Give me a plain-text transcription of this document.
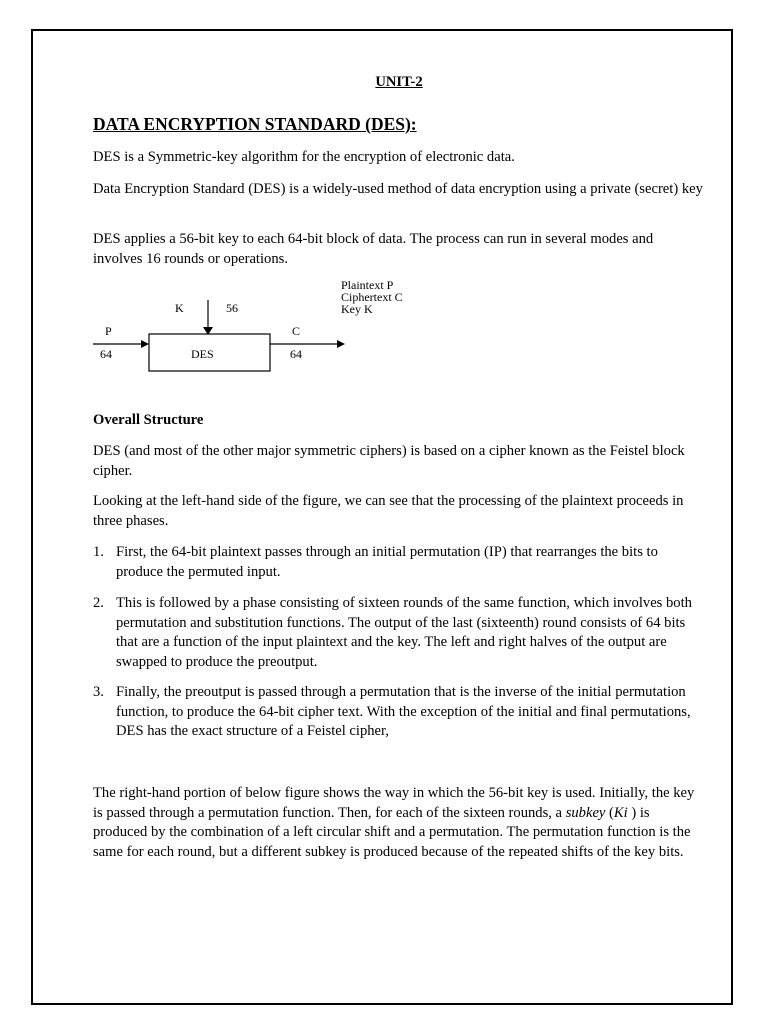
UNIT-2
DATA ENCRYPTION STANDARD (DES):

DES is a Symmetric-key algorithm for the encryption of electronic data.

Data Encryption Standard (DES) is a widely-used method of data encryption using a private (secret) key

DES applies a 56-bit key to each 64-bit block of data. The process can run in several modes and involves 16 rounds or operations.

Overall Structure

DES (and most of the other major symmetric ciphers) is based on a cipher known as the Feistel block cipher.

Looking at the left-hand side of the figure, we can see that the processing of the plaintext proceeds in three phases.

1. First, the 64-bit plaintext passes through an initial permutation (IP) that rearranges the bits to produce the permuted input.
2. This is followed by a phase consisting of sixteen rounds of the same function, which involves both permutation and substitution functions. The output of the last (sixteenth) round consists of 64 bits that are a function of the input plaintext and the key. The left and right halves of the output are swapped to produce the preoutput.
3. Finally, the preoutput is passed through a permutation that is the inverse of the initial permutation function, to produce the 64-bit cipher text. With the exception of the initial and final permutations, DES has the exact structure of a Feistel cipher,

The right-hand portion of below figure shows the way in which the 56-bit key is used. Initially, the key is passed through a permutation function. Then, for each of the sixteen rounds, a subkey (Ki ) is produced by the combination of a left circular shift and a permutation. The permutation function is the same for each round, but a different subkey is produced because of the repeated shifts of the key bits.

Plaintext P
Ciphertext C
Key K
K	56
P
64	DES
C
64
